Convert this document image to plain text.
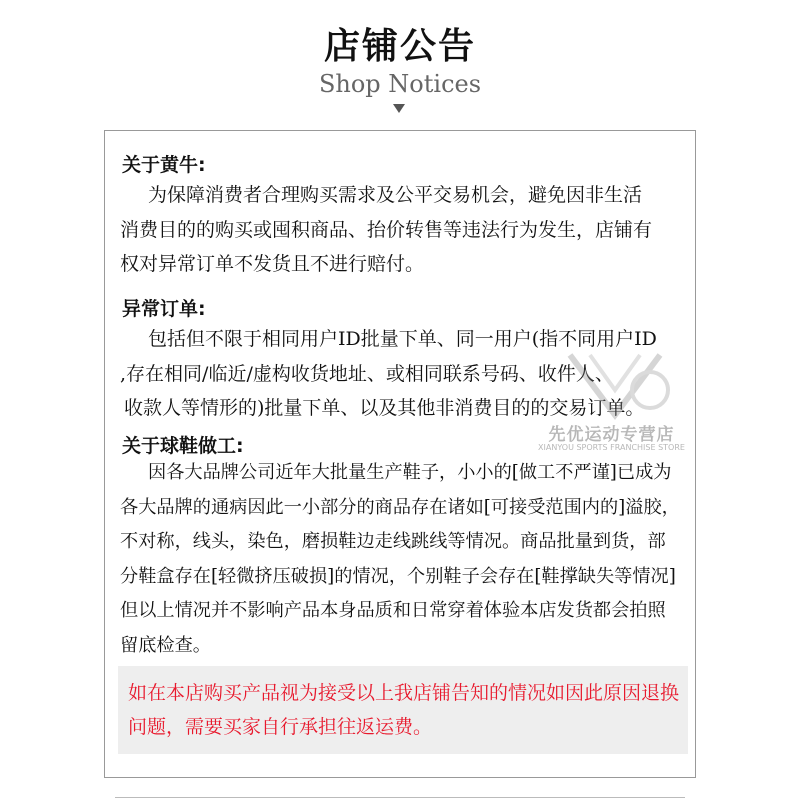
店铺公告
Shop Notices
关于黄牛:
为保障消费者合理购买需求及公平交易机会，避免因非生活
消费目的的购买或囤积商品、抬价转售等违法行为发生，店铺有
权对异常订单不发货且不进行赔付。
异常订单:
包括但不限于相同用户ID批量下单、同一用户(指不同用户ID
,存在相同/临近/虚构收货地址、或相同联系号码、收件人、
收款人等情形的)批量下单、以及其他非消费目的的交易订单。
关于球鞋做工:
因各大品牌公司近年大批量生产鞋子，小小的[做工不严谨]已成为
各大品牌的通病因此一小部分的商品存在诸如[可接受范围内的]溢胶，
不对称，线头，染色，磨损鞋边走线跳线等情况。商品批量到货，部
分鞋盒存在[轻微挤压破损]的情况，个别鞋子会存在[鞋撑缺失等情况]
但以上情况并不影响产品本身品质和日常穿着体验本店发货都会拍照
留底检查。
如在本店购买产品视为接受以上我店铺告知的情况如因此原因退换
问题，需要买家自行承担往返运费。
先优运动专营店
XIANYOU SPORTS FRANCHISE STORE
